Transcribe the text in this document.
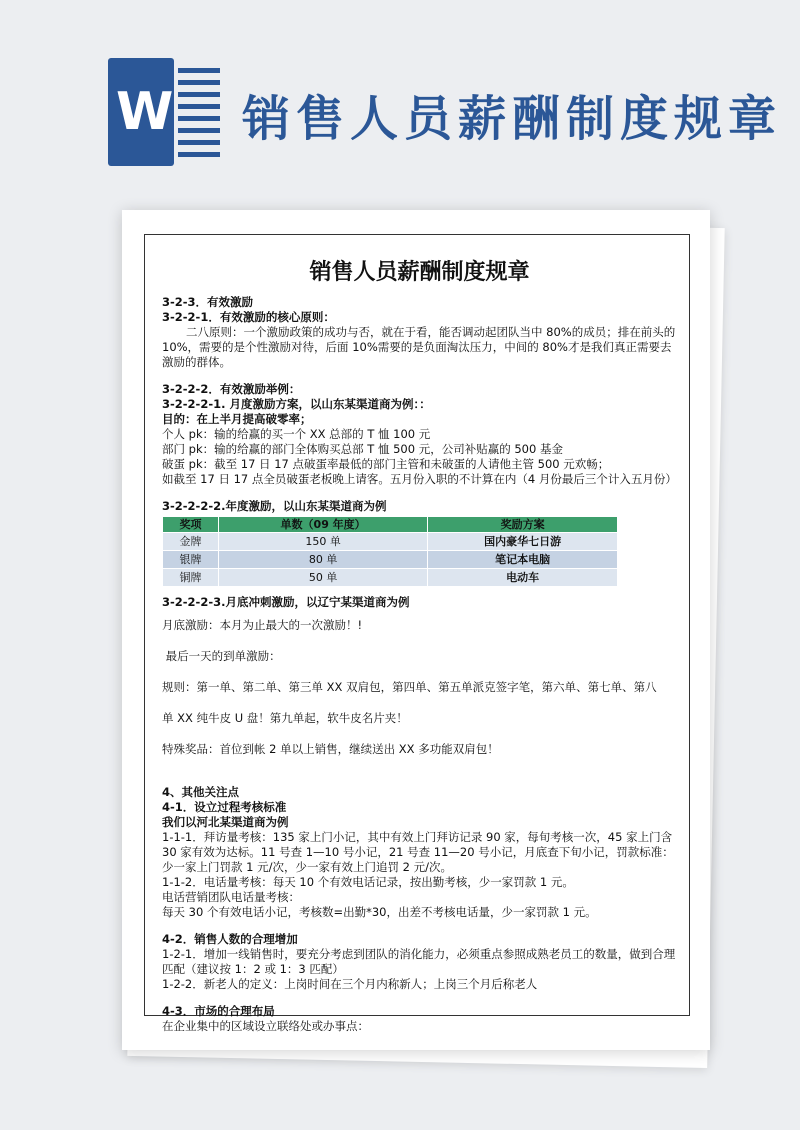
W 销售人员薪酬制度规章
销售人员薪酬制度规章

3-2-3．有效激励

3-2-2-1．有效激励的核心原则：

二八原则：一个激励政策的成功与否，就在于看，能否调动起团队当中 80%的成员；排在前头的 10%，需要的是个性激励对待，后面 10%需要的是负面淘汰压力，中间的 80%才是我们真正需要去激励的群体。

3-2-2-2．有效激励举例：

3-2-2-2-1. 月度激励方案，以山东某渠道商为例：：

目的：在上半月提高破零率；

个人 pk：输的给赢的买一个 XX 总部的 T 恤 100 元

部门 pk：输的给赢的部门全体购买总部 T 恤 500 元，公司补贴赢的 500 基金

破蛋 pk：截至 17 日 17 点破蛋率最低的部门主管和未破蛋的人请他主管 500 元欢畅；

如截至 17 日 17 点全员破蛋老板晚上请客。五月份入职的不计算在内（4 月份最后三个计入五月份）

3-2-2-2-2.年度激励，以山东某渠道商为例

奖项	单数（09 年度）	奖励方案
金牌	150 单	国内豪华七日游
银牌	80 单	笔记本电脑
铜牌	50 单	电动车

3-2-2-2-3.月底冲刺激励，以辽宁某渠道商为例

月底激励：本月为止最大的一次激励！!

最后一天的到单激励：

规则：第一单、第二单、第三单 XX 双肩包，第四单、第五单派克签字笔，第六单、第七单、第八

单 XX 纯牛皮 U 盘！第九单起，软牛皮名片夹！

特殊奖品：首位到帐 2 单以上销售，继续送出 XX 多功能双肩包！

4、其他关注点

4-1．设立过程考核标准

我们以河北某渠道商为例

1-1-1．拜访量考核：135 家上门小记，其中有效上门拜访记录 90 家，每旬考核一次，45 家上门含 30 家有效为达标。11 号查 1—10 号小记，21 号查 11—20 号小记，月底查下旬小记，罚款标准：少一家上门罚款 1 元/次，少一家有效上门追罚 2 元/次。

1-1-2．电话量考核：每天 10 个有效电话记录，按出勤考核，少一家罚款 1 元。

电话营销团队电话量考核：

每天 30 个有效电话小记，考核数=出勤*30，出差不考核电话量，少一家罚款 1 元。

4-2．销售人数的合理增加

1-2-1．增加一线销售时，要充分考虑到团队的消化能力，必须重点参照成熟老员工的数量，做到合理匹配（建议按 1：2 或 1：3 匹配）

1-2-2．新老人的定义：上岗时间在三个月内称新人；上岗三个月后称老人

4-3．市场的合理布局

在企业集中的区域设立联络处或办事点：
